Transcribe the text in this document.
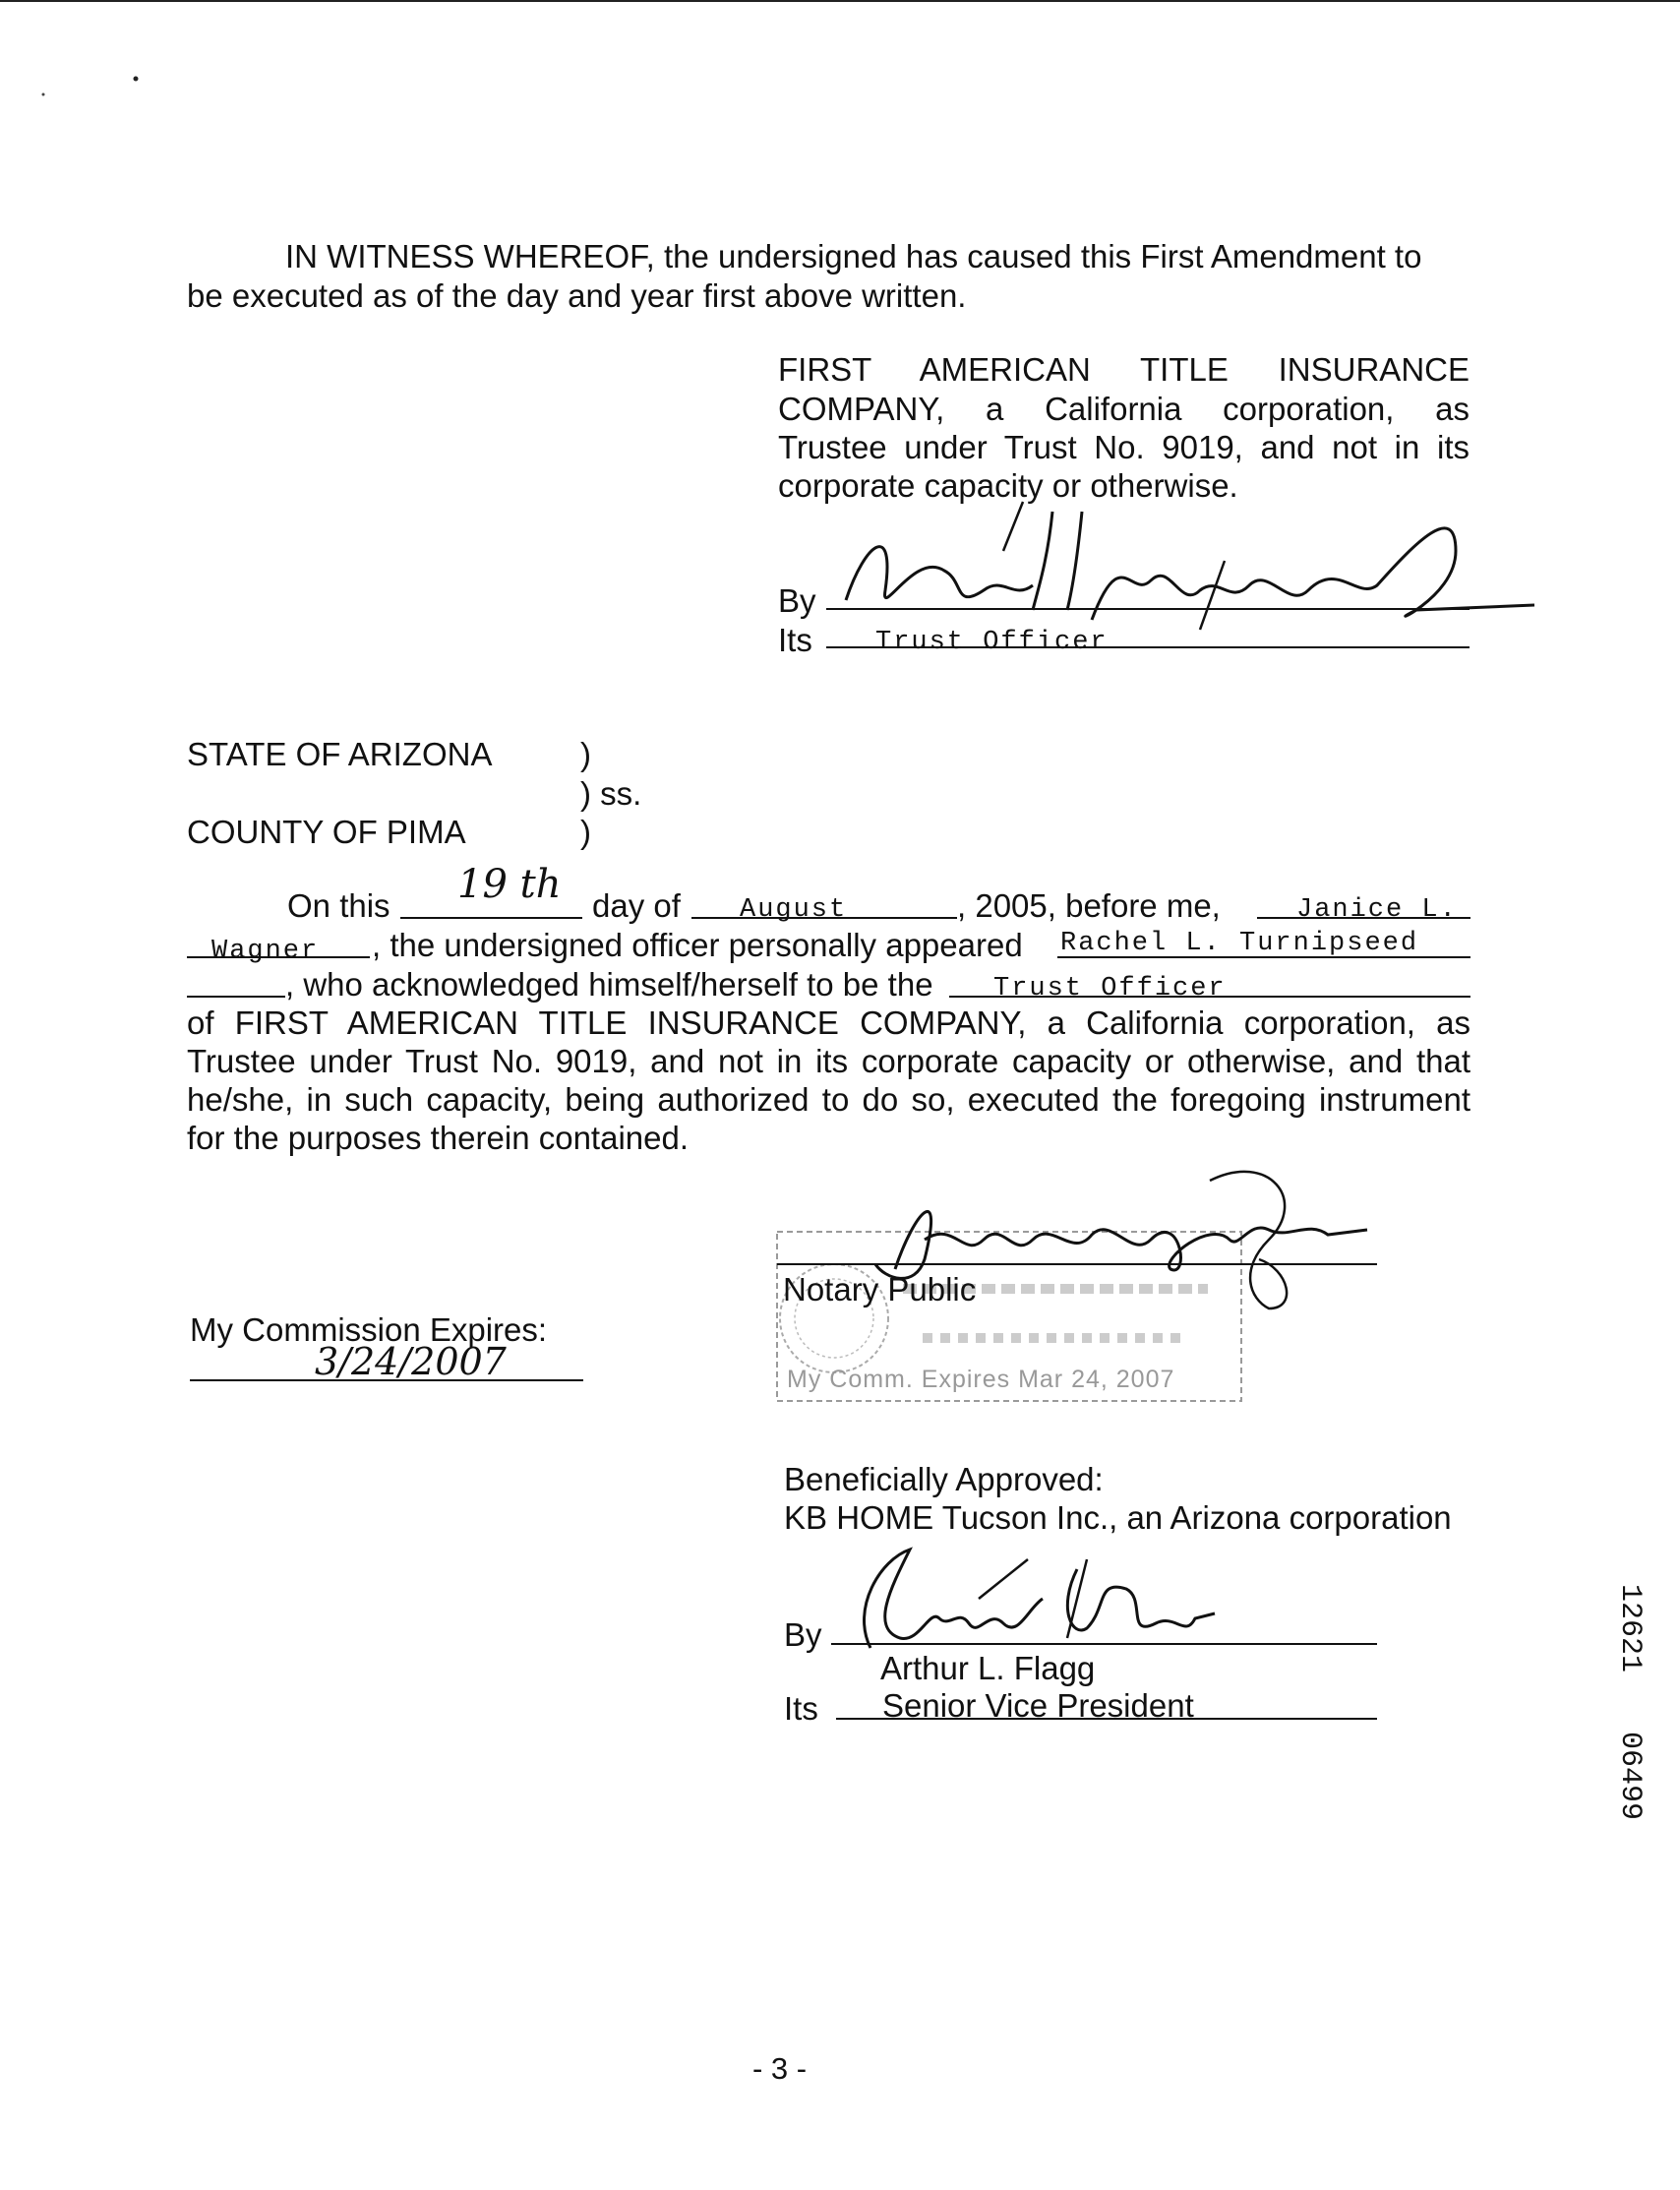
IN WITNESS WHEREOF, the undersigned has caused this First Amendment to
be executed as of the day and year first above written.
FIRST AMERICAN TITLE INSURANCE
COMPANY, a California corporation, as
Trustee under Trust No. 9019, and not in its
corporate capacity or otherwise.
By
Its Trust Officer
STATE OF ARIZONA	)
) ss.
COUNTY OF PIMA	)
On this 19 th day of August	, 2005, before me,	Janice L.
Wagner , the undersigned officer personally appeared Rachel L. Turnipseed
, who acknowledged himself/herself to be the Trust Officer
of FIRST AMERICAN TITLE INSURANCE COMPANY, a California corporation, as
Trustee under Trust No. 9019, and not in its corporate capacity or otherwise, and that
he/she, in such capacity, being authorized to do so, executed the foregoing instrument
for the purposes therein contained.
My Comm. Expires Mar 24, 2007
Notary Public
My Commission Expires:
3/24/2007
Beneficially Approved:
KB HOME Tucson Inc., an Arizona corporation
By
Arthur L. Flagg
Its Senior Vice President
12621
06499
- 3 -
